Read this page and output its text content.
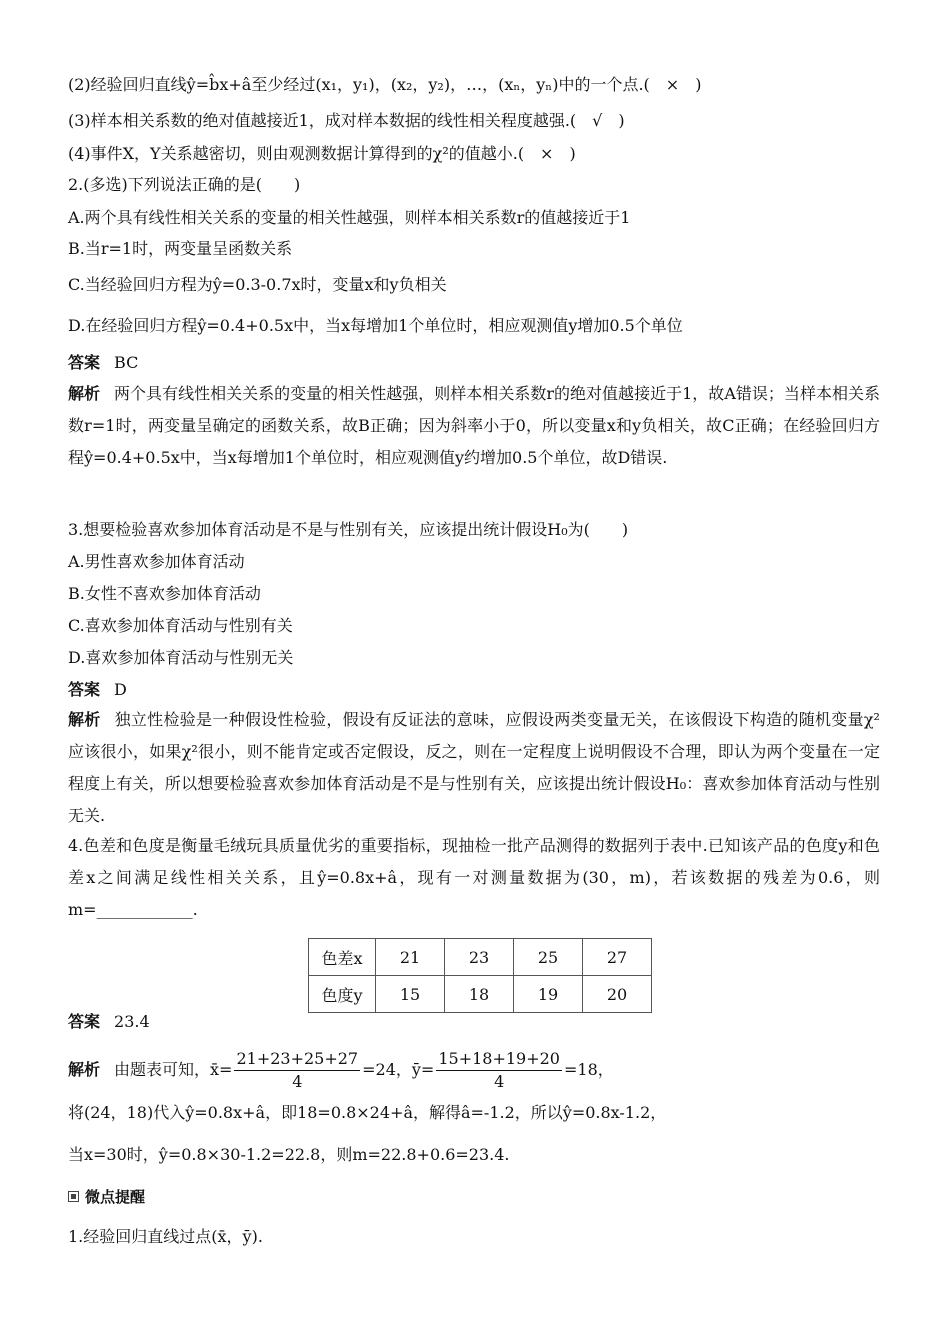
(2)经验回归直线ŷ=b̂x+â至少经过(x₁，y₁)，(x₂，y₂)，…，(xₙ，yₙ)中的一个点.(　×　)
(3)样本相关系数的绝对值越接近1，成对样本数据的线性相关程度越强.(　√　)
(4)事件X，Y关系越密切，则由观测数据计算得到的χ²的值越小.(　×　)
2.(多选)下列说法正确的是(　　)
A.两个具有线性相关关系的变量的相关性越强，则样本相关系数r的值越接近于1
B.当r=1时，两变量呈函数关系
C.当经验回归方程为ŷ=0.3-0.7x时，变量x和y负相关
D.在经验回归方程ŷ=0.4+0.5x中，当x每增加1个单位时，相应观测值y增加0.5个单位
答案 BC
解析 两个具有线性相关关系的变量的相关性越强，则样本相关系数r的绝对值越接近于1，故A错误；当样本相关系数r=1时，两变量呈确定的函数关系，故B正确；因为斜率小于0，所以变量x和y负相关，故C正确；在经验回归方程ŷ=0.4+0.5x中，当x每增加1个单位时，相应观测值y约增加0.5个单位，故D错误.
3.想要检验喜欢参加体育活动是不是与性别有关，应该提出统计假设H₀为(　　)
A.男性喜欢参加体育活动
B.女性不喜欢参加体育活动
C.喜欢参加体育活动与性别有关
D.喜欢参加体育活动与性别无关
答案 D
解析 独立性检验是一种假设性检验，假设有反证法的意味，应假设两类变量无关，在该假设下构造的随机变量χ²应该很小，如果χ²很小，则不能肯定或否定假设，反之，则在一定程度上说明假设不合理，即认为两个变量在一定程度上有关，所以想要检验喜欢参加体育活动是不是与性别有关，应该提出统计假设H₀：喜欢参加体育活动与性别无关.
4.色差和色度是衡量毛绒玩具质量优劣的重要指标，现抽检一批产品测得的数据列于表中.已知该产品的色度y和色差x之间满足线性相关关系，且ŷ=0.8x+â，现有一对测量数据为(30，m)，若该数据的残差为0.6，则m=____________.
色差x	21	23	25	27
色度y	15	18	19	20
答案 23.4
解析 由题表可知，x̄= $\frac{21+23+25+27}{4} =24$，ȳ= $\frac{15+18+19+20}{4} =18$，
将(24，18)代入ŷ=0.8x+â，即18=0.8×24+â，解得â=-1.2，所以ŷ=0.8x-1.2，
当x=30时，ŷ=0.8×30-1.2=22.8，则m=22.8+0.6=23.4.
微点提醒
1.经验回归直线过点(x̄，ȳ).
